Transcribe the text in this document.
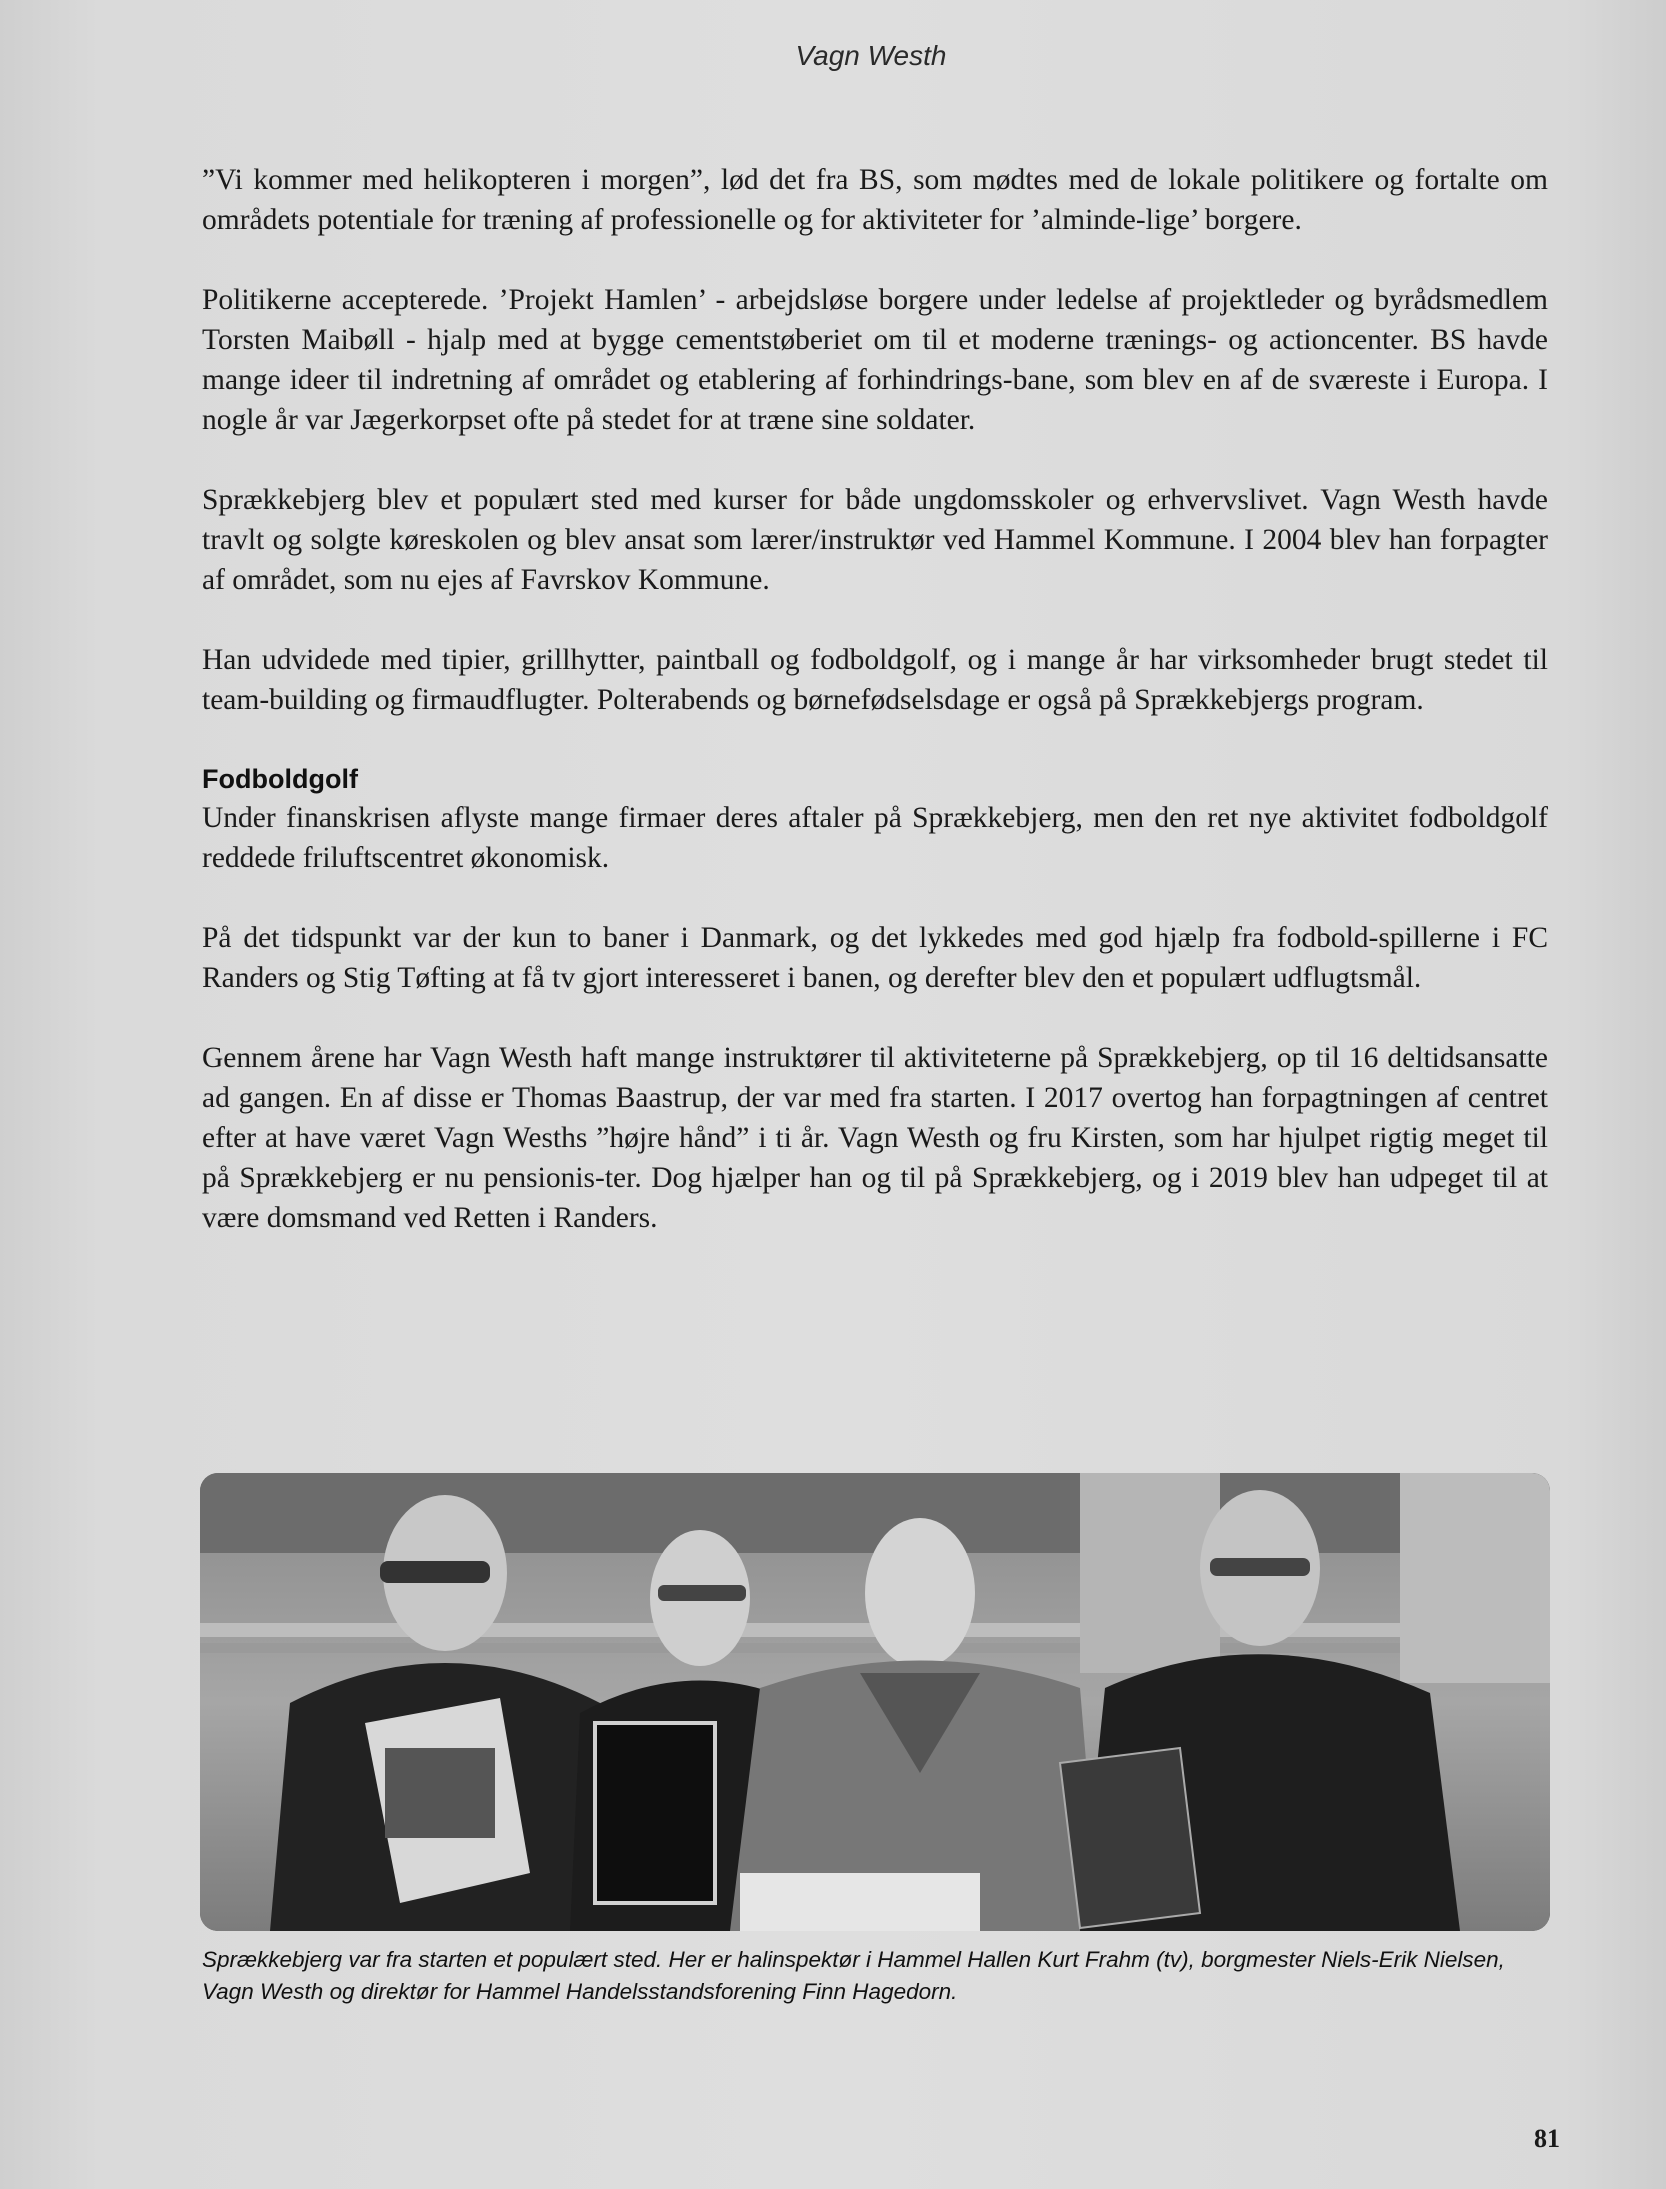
Vagn Westh

”Vi kommer med helikopteren i morgen”, lød det fra BS, som mødtes med de lokale politikere og fortalte om områdets potentiale for træning af professionelle og for aktiviteter for ’alminde-lige’ borgere.

Politikerne accepterede. ’Projekt Hamlen’ - arbejdsløse borgere under ledelse af projektleder og byrådsmedlem Torsten Maibøll - hjalp med at bygge cementstøberiet om til et moderne trænings- og actioncenter. BS havde mange ideer til indretning af området og etablering af forhindrings-bane, som blev en af de sværeste i Europa. I nogle år var Jægerkorpset ofte på stedet for at træne sine soldater.

Sprækkebjerg blev et populært sted med kurser for både ungdomsskoler og erhvervslivet. Vagn Westh havde travlt og solgte køreskolen og blev ansat som lærer/instruktør ved Hammel Kommune. I 2004 blev han forpagter af området, som nu ejes af Favrskov Kommune.

Han udvidede med tipier, grillhytter, paintball og fodboldgolf, og i mange år har virksomheder brugt stedet til team-building og firmaudflugter. Polterabends og børnefødselsdage er også på Sprækkebjergs program.

Fodboldgolf

Under finanskrisen aflyste mange firmaer deres aftaler på Sprækkebjerg, men den ret nye aktivitet fodboldgolf reddede friluftscentret økonomisk.

På det tidspunkt var der kun to baner i Danmark, og det lykkedes med god hjælp fra fodbold-spillerne i FC Randers og Stig Tøfting at få tv gjort interesseret i banen, og derefter blev den et populært udflugtsmål.

Gennem årene har Vagn Westh haft mange instruktører til aktiviteterne på Sprækkebjerg, op til 16 deltidsansatte ad gangen. En af disse er Thomas Baastrup, der var med fra starten. I 2017 overtog han forpagtningen af centret efter at have været Vagn Wesths ”højre hånd” i ti år. Vagn Westh og fru Kirsten, som har hjulpet rigtig meget til på Sprækkebjerg er nu pensionis-ter. Dog hjælper han og til på Sprækkebjerg, og i 2019 blev han udpeget til at være domsmand ved Retten i Randers.

Sprækkebjerg var fra starten et populært sted. Her er halinspektør i Hammel Hallen Kurt Frahm (tv), borgmester Niels-Erik Nielsen, Vagn Westh og direktør for Hammel Handelsstandsforening Finn Hagedorn.
81
